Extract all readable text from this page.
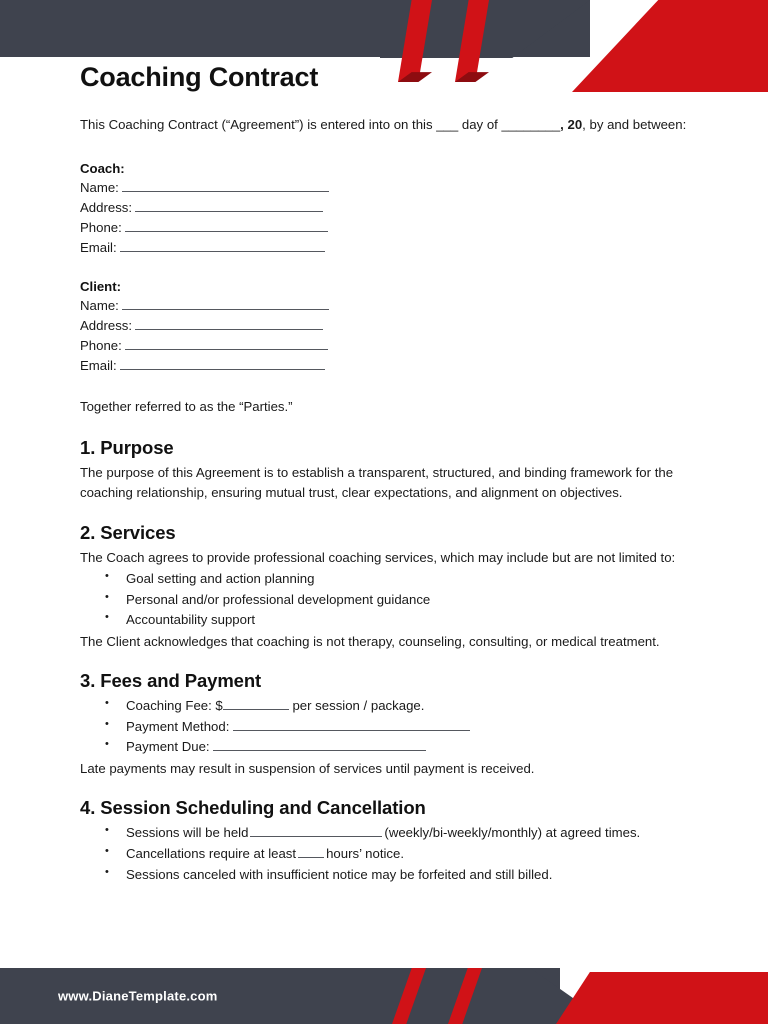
Coaching Contract

This Coaching Contract (“Agreement”) is entered into on this ___ day of ________, 20, by and between:

Coach:
Name:
Address:
Phone:
Email:
Client:
Name:
Address:
Phone:
Email:

Together referred to as the “Parties.”

1. Purpose

The purpose of this Agreement is to establish a transparent, structured, and binding framework for the coaching relationship, ensuring mutual trust, clear expectations, and alignment on objectives.

2. Services

The Coach agrees to provide professional coaching services, which may include but are not limited to:

• Goal setting and action planning
• Personal and/or professional development guidance
• Accountability support

The Client acknowledges that coaching is not therapy, counseling, consulting, or medical treatment.

3. Fees and Payment
• Coaching Fee: $	per session / package.
• Payment Method:
• Payment Due:

Late payments may result in suspension of services until payment is received.

4. Session Scheduling and Cancellation
• Sessions will be held	(weekly/bi-weekly/monthly) at agreed times.
• Cancellations require at least hours’ notice.
• Sessions canceled with insufficient notice may be forfeited and still billed.
www.DianeTemplate.com
